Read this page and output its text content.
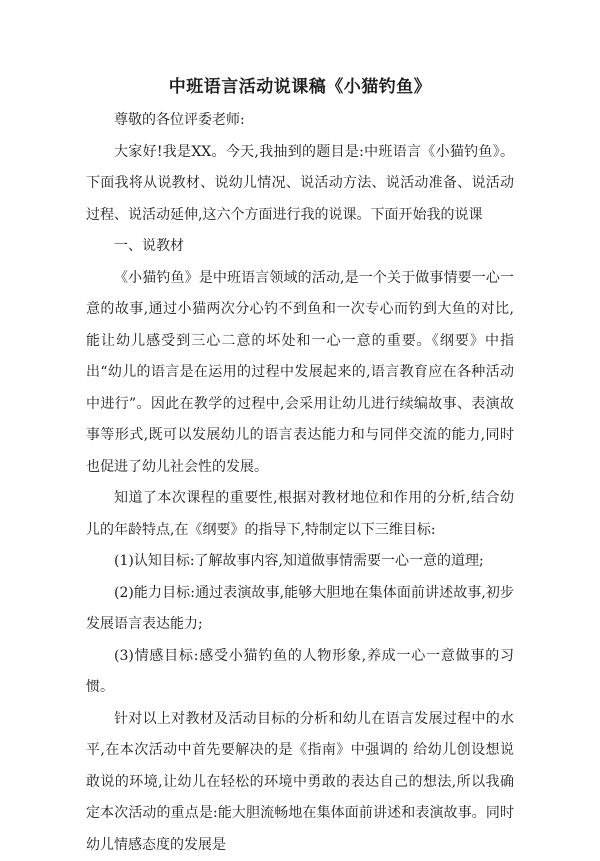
中班语言活动说课稿《小猫钓鱼》

尊敬的各位评委老师:

大家好!我是XX。今天,我抽到的题目是:中班语言《小猫钓鱼》。下面我将从说教材、说幼儿情况、说活动方法、说活动准备、说活动过程、说活动延伸,这六个方面进行我的说课。下面开始我的说课

一、说教材

《小猫钓鱼》是中班语言领域的活动,是一个关于做事情要一心一意的故事,通过小猫两次分心钓不到鱼和一次专心而钓到大鱼的对比,能让幼儿感受到三心二意的坏处和一心一意的重要。《纲要》中指出“幼儿的语言是在运用的过程中发展起来的,语言教育应在各种活动中进行”。因此在教学的过程中,会采用让幼儿进行续编故事、表演故事等形式,既可以发展幼儿的语言表达能力和与同伴交流的能力,同时也促进了幼儿社会性的发展。

知道了本次课程的重要性,根据对教材地位和作用的分析,结合幼儿的年龄特点,在《纲要》的指导下,特制定以下三维目标:

(1)认知目标:了解故事内容,知道做事情需要一心一意的道理;

(2)能力目标:通过表演故事,能够大胆地在集体面前讲述故事,初步发展语言表达能力;

(3)情感目标:感受小猫钓鱼的人物形象,养成一心一意做事的习惯。

针对以上对教材及活动目标的分析和幼儿在语言发展过程中的水平,在本次活动中首先要解决的是《指南》中强调的 给幼儿创设想说敢说的环境,让幼儿在轻松的环境中勇敢的表达自己的想法,所以我确定本次活动的重点是:能大胆流畅地在集体面前讲述和表演故事。同时幼儿情感态度的发展是
